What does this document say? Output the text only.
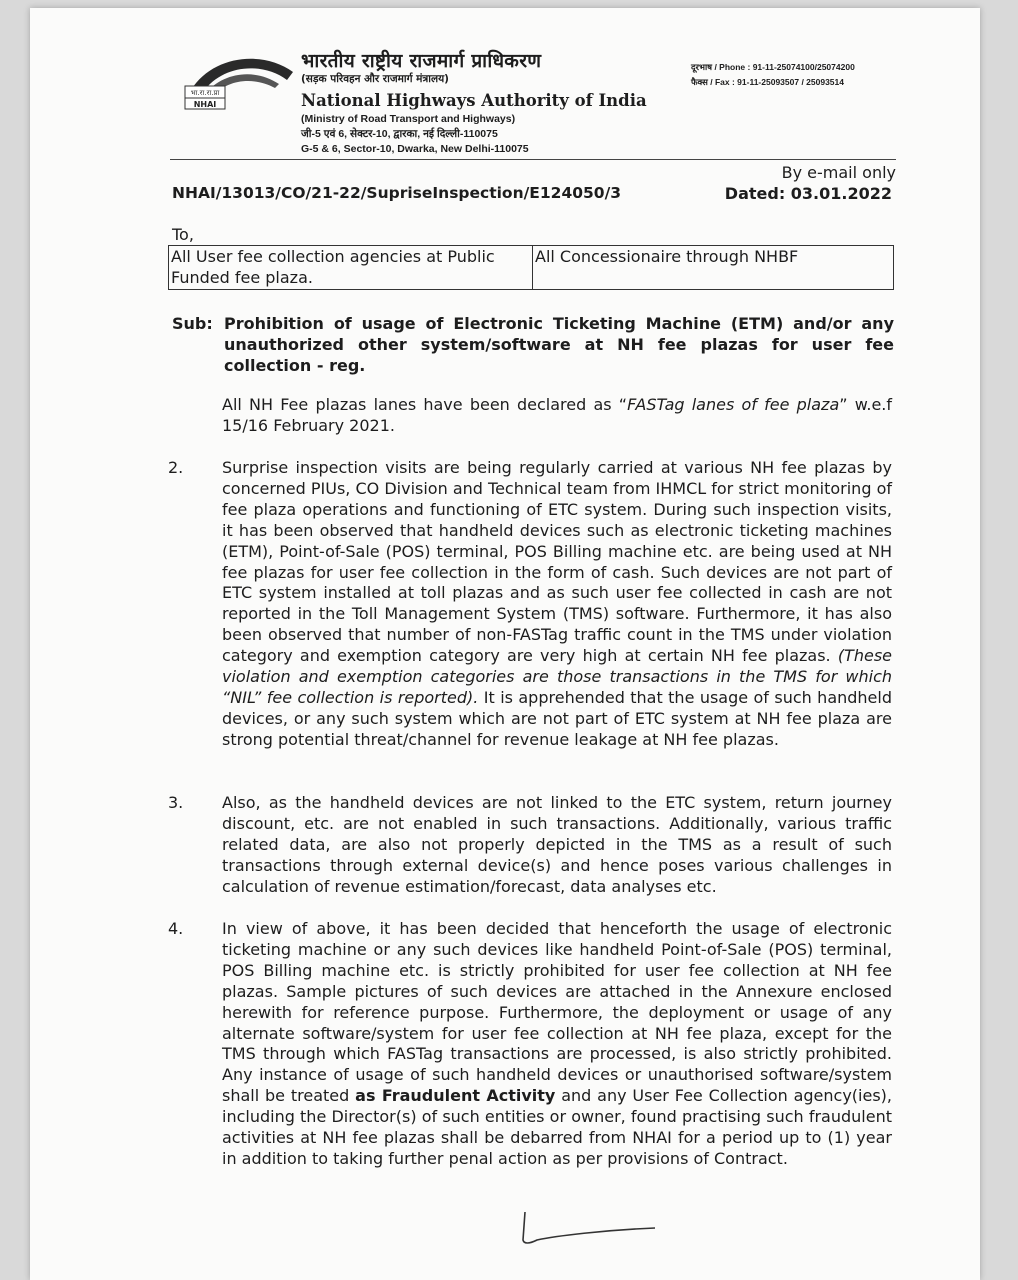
भा.रा.रा.प्रा
NHAI
भारतीय राष्ट्रीय राजमार्ग प्राधिकरण
(सड़क परिवहन और राजमार्ग मंत्रालय)
National Highways Authority of India
(Ministry of Road Transport and Highways)
जी-5 एवं 6, सेक्टर-10, द्वारका, नई दिल्ली-110075
G-5 & 6, Sector-10, Dwarka, New Delhi-110075
दूरभाष / Phone : 91-11-25074100/25074200
फैक्स / Fax : 91-11-25093507 / 25093514
By e-mail only
NHAI/13013/CO/21-22/SupriseInspection/E124050/3	Dated: 03.01.2022
To,
All User fee collection agencies at Public Funded fee plaza.
All Concessionaire through NHBF
Sub: Prohibition of usage of Electronic Ticketing Machine (ETM) and/or any unauthorized other system/software at NH fee plazas for user fee collection - reg.
All NH Fee plazas lanes have been declared as “FASTag lanes of fee plaza” w.e.f 15/16 February 2021.
2. Surprise inspection visits are being regularly carried at various NH fee plazas by concerned PIUs, CO Division and Technical team from IHMCL for strict monitoring of fee plaza operations and functioning of ETC system. During such inspection visits, it has been observed that handheld devices such as electronic ticketing machines (ETM), Point-of-Sale (POS) terminal, POS Billing machine etc. are being used at NH fee plazas for user fee collection in the form of cash. Such devices are not part of ETC system installed at toll plazas and as such user fee collected in cash are not reported in the Toll Management System (TMS) software. Furthermore, it has also been observed that number of non-FASTag traffic count in the TMS under violation category and exemption category are very high at certain NH fee plazas. (These violation and exemption categories are those transactions in the TMS for which “NIL” fee collection is reported). It is apprehended that the usage of such handheld devices, or any such system which are not part of ETC system at NH fee plaza are strong potential threat/channel for revenue leakage at NH fee plazas.
3. Also, as the handheld devices are not linked to the ETC system, return journey discount, etc. are not enabled in such transactions. Additionally, various traffic related data, are also not properly depicted in the TMS as a result of such transactions through external device(s) and hence poses various challenges in calculation of revenue estimation/forecast, data analyses etc.
4. In view of above, it has been decided that henceforth the usage of electronic ticketing machine or any such devices like handheld Point-of-Sale (POS) terminal, POS Billing machine etc. is strictly prohibited for user fee collection at NH fee plazas. Sample pictures of such devices are attached in the Annexure enclosed herewith for reference purpose. Furthermore, the deployment or usage of any alternate software/system for user fee collection at NH fee plaza, except for the TMS through which FASTag transactions are processed, is also strictly prohibited. Any instance of usage of such handheld devices or unauthorised software/system shall be treated as Fraudulent Activity and any User Fee Collection agency(ies), including the Director(s) of such entities or owner, found practising such fraudulent activities at NH fee plazas shall be debarred from NHAI for a period up to (1) year in addition to taking further penal action as per provisions of Contract.
